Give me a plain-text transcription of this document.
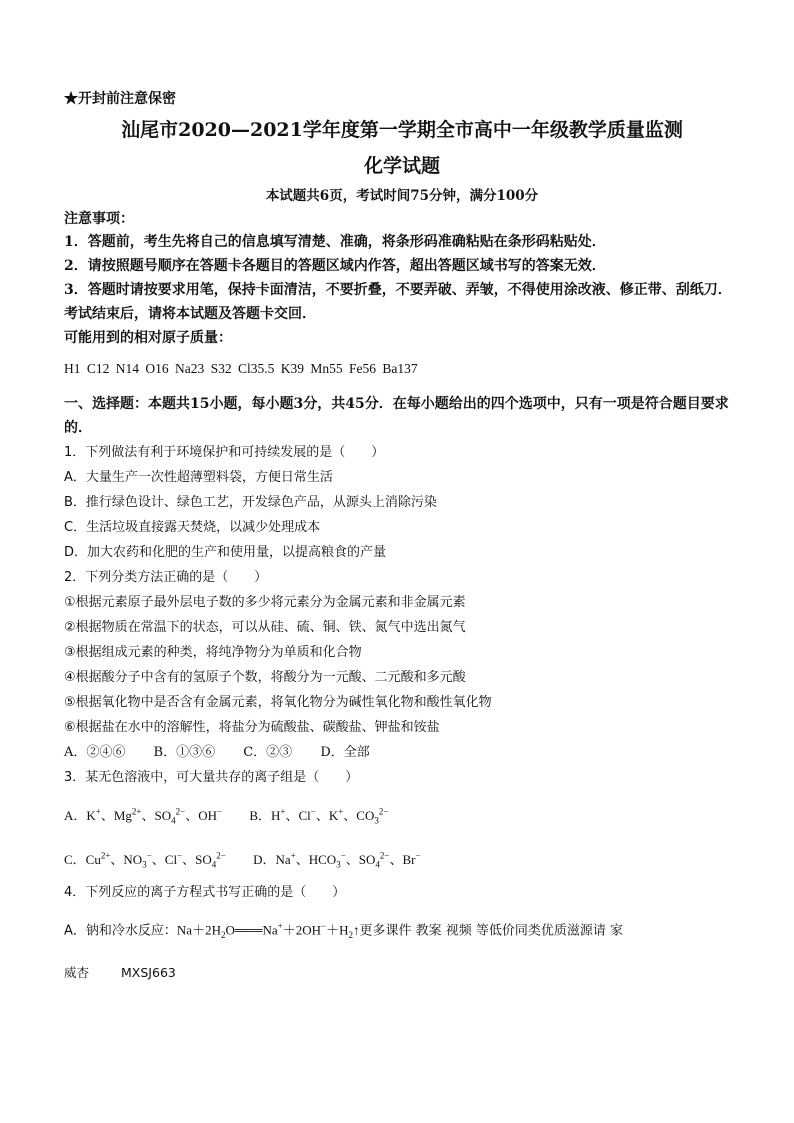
★开封前注意保密
汕尾市2020—2021学年度第一学期全市高中一年级教学质量监测
化学试题
本试题共6页，考试时间75分钟，满分100分
注意事项：
1．答题前，考生先将自己的信息填写清楚、准确，将条形码准确粘贴在条形码粘贴处．
2．请按照题号顺序在答题卡各题目的答题区域内作答，超出答题区域书写的答案无效．
3．答题时请按要求用笔，保持卡面清洁，不要折叠，不要弄破、弄皱，不得使用涂改液、修正带、刮纸刀．考试结束后，请将本试题及答题卡交回．
可能用到的相对原子质量：
H1 C12 N14 O16 Na23 S32 Cl35.5 K39 Mn55 Fe56 Ba137
一、选择题：本题共15小题，每小题3分，共45分．在每小题给出的四个选项中，只有一项是符合题目要求的．
1．下列做法有利于环境保护和可持续发展的是（　　）
A．大量生产一次性超薄塑料袋，方便日常生活
B．推行绿色设计、绿色工艺，开发绿色产品，从源头上消除污染
C．生活垃圾直接露天焚烧，以减少处理成本
D．加大农药和化肥的生产和使用量，以提高粮食的产量
2．下列分类方法正确的是（　　）
①根据元素原子最外层电子数的多少将元素分为金属元素和非金属元素
②根据物质在常温下的状态，可以从硅、硫、铜、铁、氮气中选出氮气
③根据组成元素的种类，将纯净物分为单质和化合物
④根据酸分子中含有的氢原子个数，将酸分为一元酸、二元酸和多元酸
⑤根据氧化物中是否含有金属元素，将氧化物分为碱性氧化物和酸性氧化物
⑥根据盐在水中的溶解性，将盐分为硫酸盐、碳酸盐、钾盐和铵盐
A．②④⑥ B．①③⑥ C．②③ D．全部
3．某无色溶液中，可大量共存的离子组是（　　）
A．K+、$Mg^{2+}$、$SO_4^{2-}$、OH− B．H+、Cl−、K+、$CO_3^{2-}$
C．$Cu^{2+}$、$NO_3^-$、Cl−、$SO_4^{2-}$ D．Na+、$HCO_3^-$、$SO_4^{2-}$、Br−
4．下列反应的离子方程式书写正确的是（　　）
A．钠和冷水反应：$Na+2H_2O═══Na^++2OH^-+H_2↑$更多课件 教案 视频 等低价同类优质滋源请 家
威杏	MXSJ663
